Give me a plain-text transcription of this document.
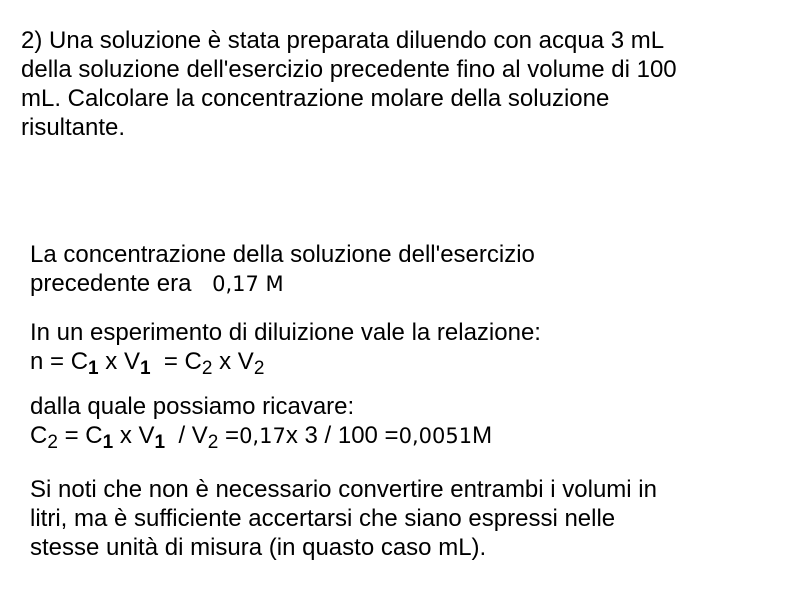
2) Una soluzione è stata preparata diluendo con acqua 3 mL
della soluzione dell'esercizio precedente fino al volume di 100
mL. Calcolare la concentrazione molare della soluzione
risultante.
La concentrazione della soluzione dell'esercizio
precedente era 0,17 M
In un esperimento di diluizione vale la relazione:
$n = C_1$ x $V_1 = C_2$ x $V_2$
dalla quale possiamo ricavare:
$C_2 = C_1$ x $V_1 / V_2 =0,17x$ 3 / 100 =0,0051M
Si noti che non è necessario convertire entrambi i volumi in
litri, ma è sufficiente accertarsi che siano espressi nelle
stesse unità di misura (in quasto caso mL).
